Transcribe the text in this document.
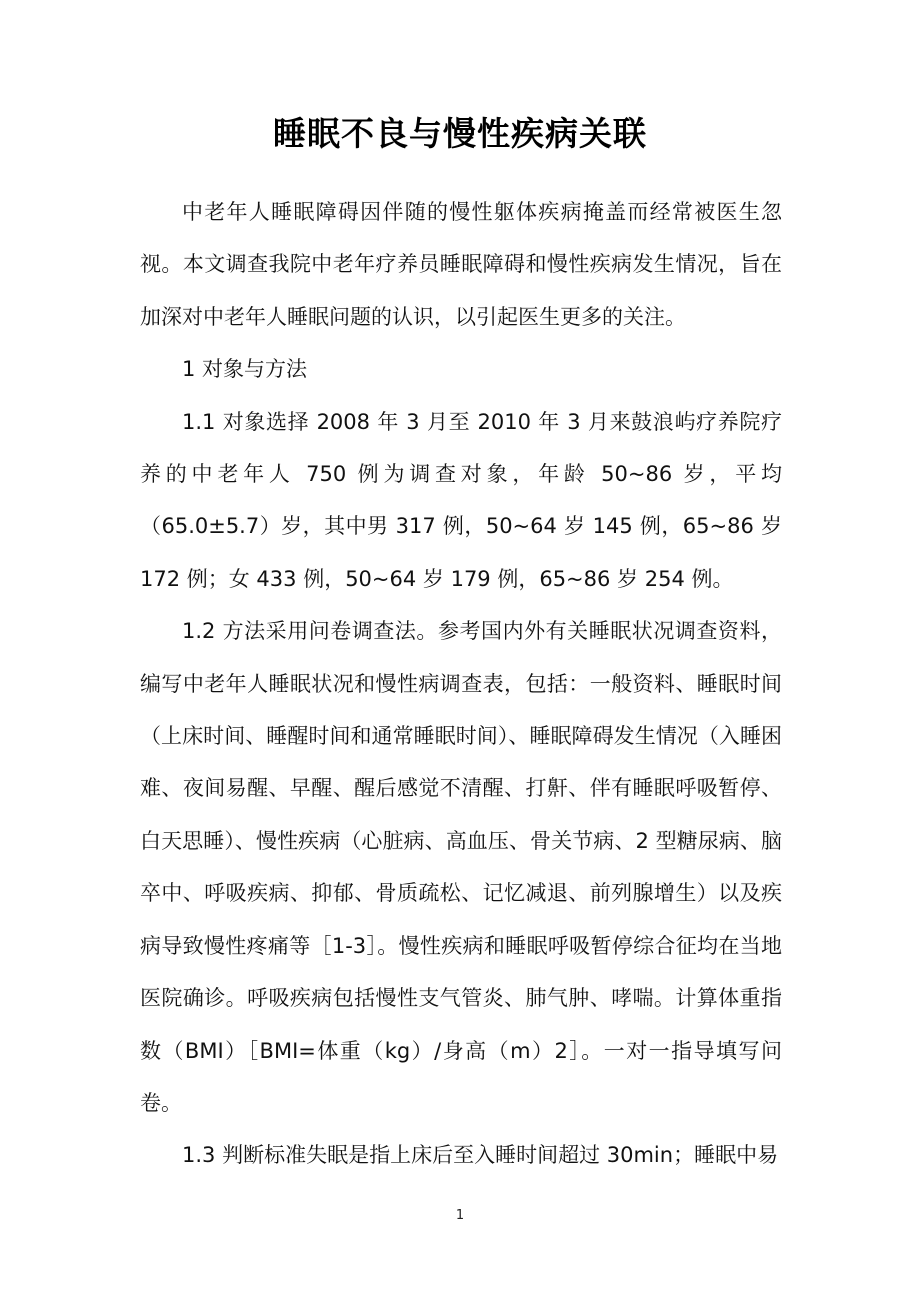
睡眠不良与慢性疾病关联

中老年人睡眠障碍因伴随的慢性躯体疾病掩盖而经常被医生忽视。本文调查我院中老年疗养员睡眠障碍和慢性疾病发生情况，旨在加深对中老年人睡眠问题的认识，以引起医生更多的关注。

1 对象与方法

1.1 对象选择 2008 年 3 月至 2010 年 3 月来鼓浪屿疗养院疗养的中老年人 750 例为调查对象，年龄 50~86 岁，平均（65.0±5.7）岁，其中男 317 例，50~64 岁 145 例，65~86 岁 172 例；女 433 例，50~64 岁 179 例，65~86 岁 254 例。

1.2 方法采用问卷调查法。参考国内外有关睡眠状况调查资料，编写中老年人睡眠状况和慢性病调查表，包括：一般资料、睡眠时间（上床时间、睡醒时间和通常睡眠时间）、睡眠障碍发生情况（入睡困难、夜间易醒、早醒、醒后感觉不清醒、打鼾、伴有睡眠呼吸暂停、白天思睡）、慢性疾病（心脏病、高血压、骨关节病、2 型糖尿病、脑卒中、呼吸疾病、抑郁、骨质疏松、记忆减退、前列腺增生）以及疾病导致慢性疼痛等［1-3］。慢性疾病和睡眠呼吸暂停综合征均在当地医院确诊。呼吸疾病包括慢性支气管炎、肺气肿、哮喘。计算体重指数（BMI）［BMI=体重（kg）/身高（m）2］。一对一指导填写问卷。

1.3 判断标准失眠是指上床后至入睡时间超过 30min；睡眠中易

1
